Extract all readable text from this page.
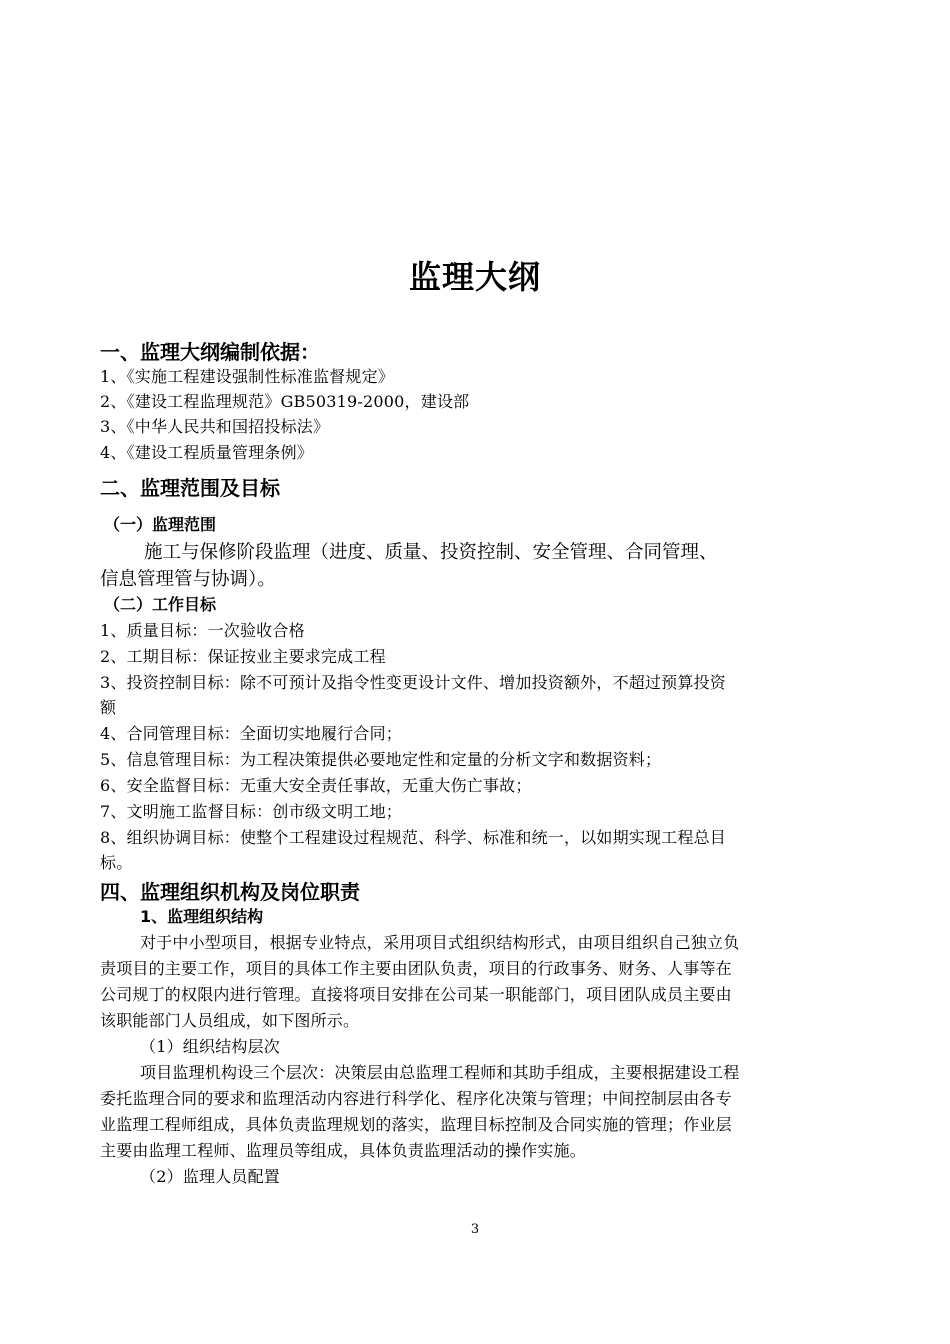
监理大纲
一、监理大纲编制依据：
1、《实施工程建设强制性标准监督规定》
2、《建设工程监理规范》GB50319-2000，建设部
3、《中华人民共和国招投标法》
4、《建设工程质量管理条例》
二、监理范围及目标
（一）监理范围
施工与保修阶段监理（进度、质量、投资控制、安全管理、合同管理、
信息管理管与协调）。
（二）工作目标
1、质量目标：一次验收合格
2、工期目标：保证按业主要求完成工程
3、投资控制目标：除不可预计及指令性变更设计文件、增加投资额外，不超过预算投资
额
4、合同管理目标：全面切实地履行合同；
5、信息管理目标：为工程决策提供必要地定性和定量的分析文字和数据资料；
6、安全监督目标：无重大安全责任事故，无重大伤亡事故；
7、文明施工监督目标：创市级文明工地；
8、组织协调目标：使整个工程建设过程规范、科学、标准和统一，以如期实现工程总目
标。
四、监理组织机构及岗位职责
1、监理组织结构
对于中小型项目，根据专业特点，采用项目式组织结构形式，由项目组织自己独立负
责项目的主要工作，项目的具体工作主要由团队负责，项目的行政事务、财务、人事等在
公司规丁的权限内进行管理。直接将项目安排在公司某一职能部门，项目团队成员主要由
该职能部门人员组成，如下图所示。
（1）组织结构层次
项目监理机构设三个层次：决策层由总监理工程师和其助手组成，主要根据建设工程
委托监理合同的要求和监理活动内容进行科学化、程序化决策与管理；中间控制层由各专
业监理工程师组成，具体负责监理规划的落实，监理目标控制及合同实施的管理；作业层
主要由监理工程师、监理员等组成，具体负责监理活动的操作实施。
（2）监理人员配置
3
